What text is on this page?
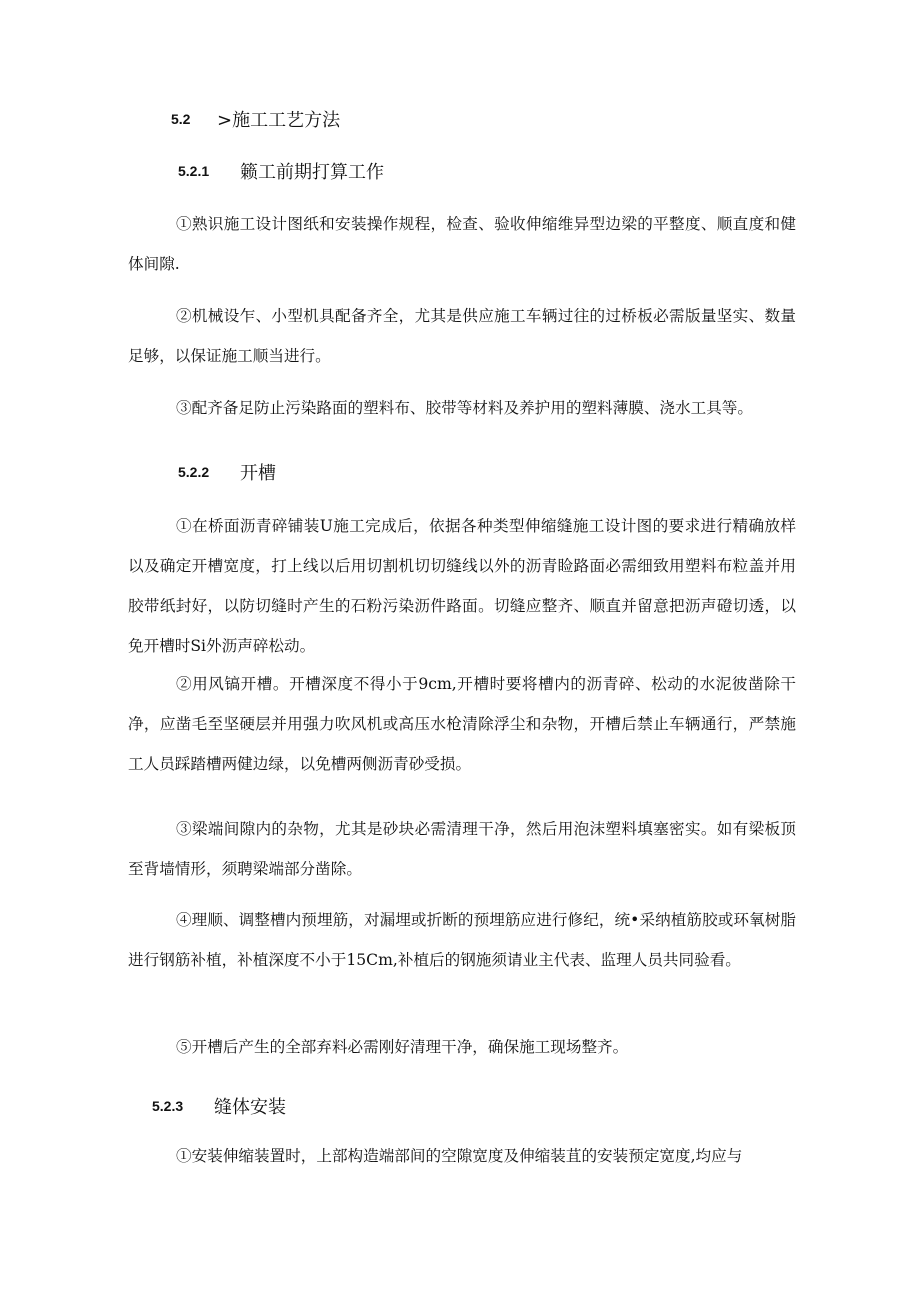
5.2 >施工工艺方法
5.2.1 籁工前期打算工作

①熟识施工设计图纸和安装操作规程，检查、验收伸缩维异型边梁的平整度、顺直度和健体间隙.

②机械设乍、小型机具配备齐全，尤其是供应施工车辆过往的过桥板必需版量坚实、数量足够，以保证施工顺当进行。

③配齐备足防止污染路面的塑料布、胶带等材料及养护用的塑料薄膜、浇水工具等。

5.2.2 开槽

①在桥面沥青碎铺装U施工完成后，依据各种类型伸缩缝施工设计图的要求进行精确放样以及确定开槽宽度，打上线以后用切割机切切缝线以外的沥青睑路面必需细致用塑料布粒盖并用胶带纸封好，以防切缝时产生的石粉污染沥件路面。切缝应整齐、顺直并留意把沥声磴切透，以免开槽时Si外沥声碎松动。

②用风镐开槽。开槽深度不得小于9cm,开槽时要将槽内的沥青碎、松动的水泥彼凿除干净，应凿毛至坚硬层并用强力吹风机或高压水枪清除浮尘和杂物，开槽后禁止车辆通行，严禁施工人员踩踏槽两健边绿，以免槽两侧沥青砂受损。

③梁端间隙内的杂物，尤其是砂块必需清理干净，然后用泡沫塑料填塞密实。如有梁板顶至背墙情形，须聘梁端部分凿除。

④理顺、调整槽内预埋筋，对漏埋或折断的预埋筋应进行修纪，统•采纳植筋胶或环氧树脂进行钢筋补植，补植深度不小于15Cm,补植后的钢施须请业主代表、监理人员共同验看。

⑤开槽后产生的全部弃料必需刚好清理干净，确保施工现场整齐。

5.2.3 缝体安装

①安装伸缩装置时，上部构造端部间的空隙宽度及伸缩装苴的安装预定宽度,均应与
